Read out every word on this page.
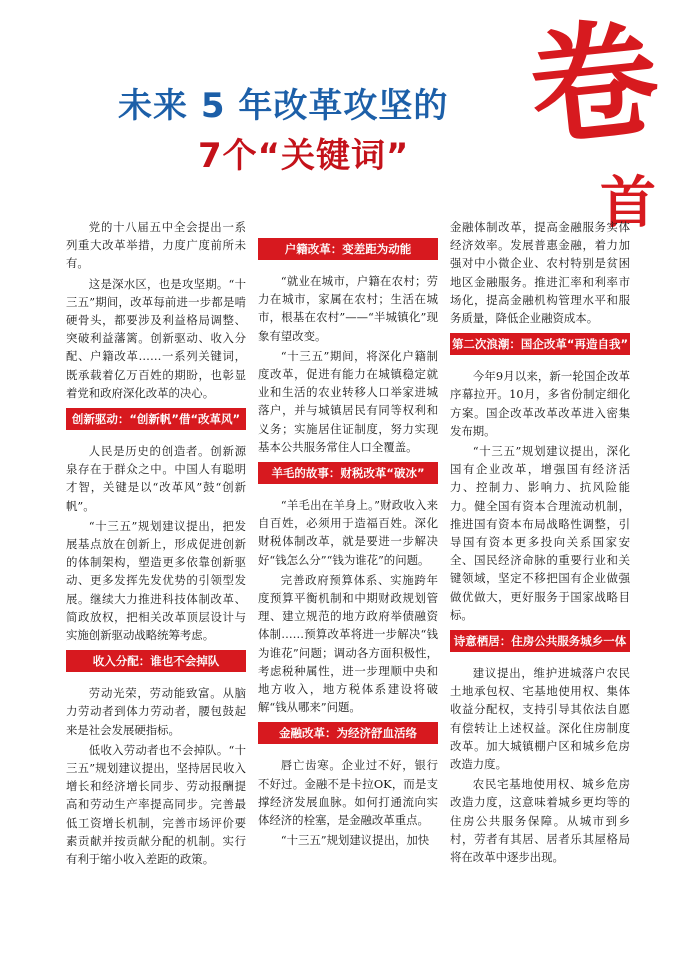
未来 5 年改革攻坚的
7个“关键词” 卷
首

党的十八届五中全会提出一系列重大改革举措，力度广度前所未有。

这是深水区，也是攻坚期。“十三五”期间，改革每前进一步都是啃硬骨头，都要涉及利益格局调整、突破利益藩篱。创新驱动、收入分配、户籍改革……一系列关键词，既承载着亿万百姓的期盼，也彰显着党和政府深化改革的决心。

创新驱动：“创新帆”借“改革风”

人民是历史的创造者。创新源泉存在于群众之中。中国人有聪明才智，关键是以“改革风”鼓“创新帆”。

“十三五”规划建议提出，把发展基点放在创新上，形成促进创新的体制架构，塑造更多依靠创新驱动、更多发挥先发优势的引领型发展。继续大力推进科技体制改革、简政放权，把相关改革顶层设计与实施创新驱动战略统筹考虑。

收入分配：谁也不会掉队

劳动光荣，劳动能致富。从脑力劳动者到体力劳动者，腰包鼓起来是社会发展硬指标。

低收入劳动者也不会掉队。“十三五”规划建议提出，坚持居民收入增长和经济增长同步、劳动报酬提高和劳动生产率提高同步。完善最低工资增长机制，完善市场评价要素贡献并按贡献分配的机制。实行有利于缩小收入差距的政策。

户籍改革：变差距为动能

“就业在城市，户籍在农村；劳力在城市，家属在农村；生活在城市，根基在农村”——“半城镇化”现象有望改变。

“十三五”期间，将深化户籍制度改革，促进有能力在城镇稳定就业和生活的农业转移人口举家进城落户，并与城镇居民有同等权利和义务；实施居住证制度，努力实现基本公共服务常住人口全覆盖。

羊毛的故事：财税改革“破冰”

“羊毛出在羊身上。”财政收入来自百姓，必须用于造福百姓。深化财税体制改革，就是要进一步解决好“钱怎么分”“钱为谁花”的问题。

完善政府预算体系、实施跨年度预算平衡机制和中期财政规划管理、建立规范的地方政府举债融资体制……预算改革将进一步解决“钱为谁花”问题；调动各方面积极性，考虑税种属性，进一步理顺中央和地方收入，地方税体系建设将破解“钱从哪来”问题。

金融改革：为经济舒血活络

唇亡齿寒。企业过不好，银行不好过。金融不是卡拉OK，而是支撑经济发展血脉。如何打通流向实体经济的栓塞，是金融改革重点。

“十三五”规划建议提出，加快

金融体制改革，提高金融服务实体经济效率。发展普惠金融，着力加强对中小微企业、农村特别是贫困地区金融服务。推进汇率和利率市场化，提高金融机构管理水平和服务质量，降低企业融资成本。

第二次浪潮：国企改革“再造自我”

今年9月以来，新一轮国企改革序幕拉开。10月，多省份制定细化方案。国企改革改革改革进入密集发布期。

“十三五”规划建议提出，深化国有企业改革，增强国有经济活力、控制力、影响力、抗风险能力。健全国有资本合理流动机制，推进国有资本布局战略性调整，引导国有资本更多投向关系国家安全、国民经济命脉的重要行业和关键领域，坚定不移把国有企业做强做优做大，更好服务于国家战略目标。

诗意栖居：住房公共服务城乡一体

建议提出，维护进城落户农民土地承包权、宅基地使用权、集体收益分配权，支持引导其依法自愿有偿转让上述权益。深化住房制度改革。加大城镇棚户区和城乡危房改造力度。

农民宅基地使用权、城乡危房改造力度，这意味着城乡更均等的住房公共服务保障。从城市到乡村，劳者有其居、居者乐其屋格局将在改革中逐步出现。
